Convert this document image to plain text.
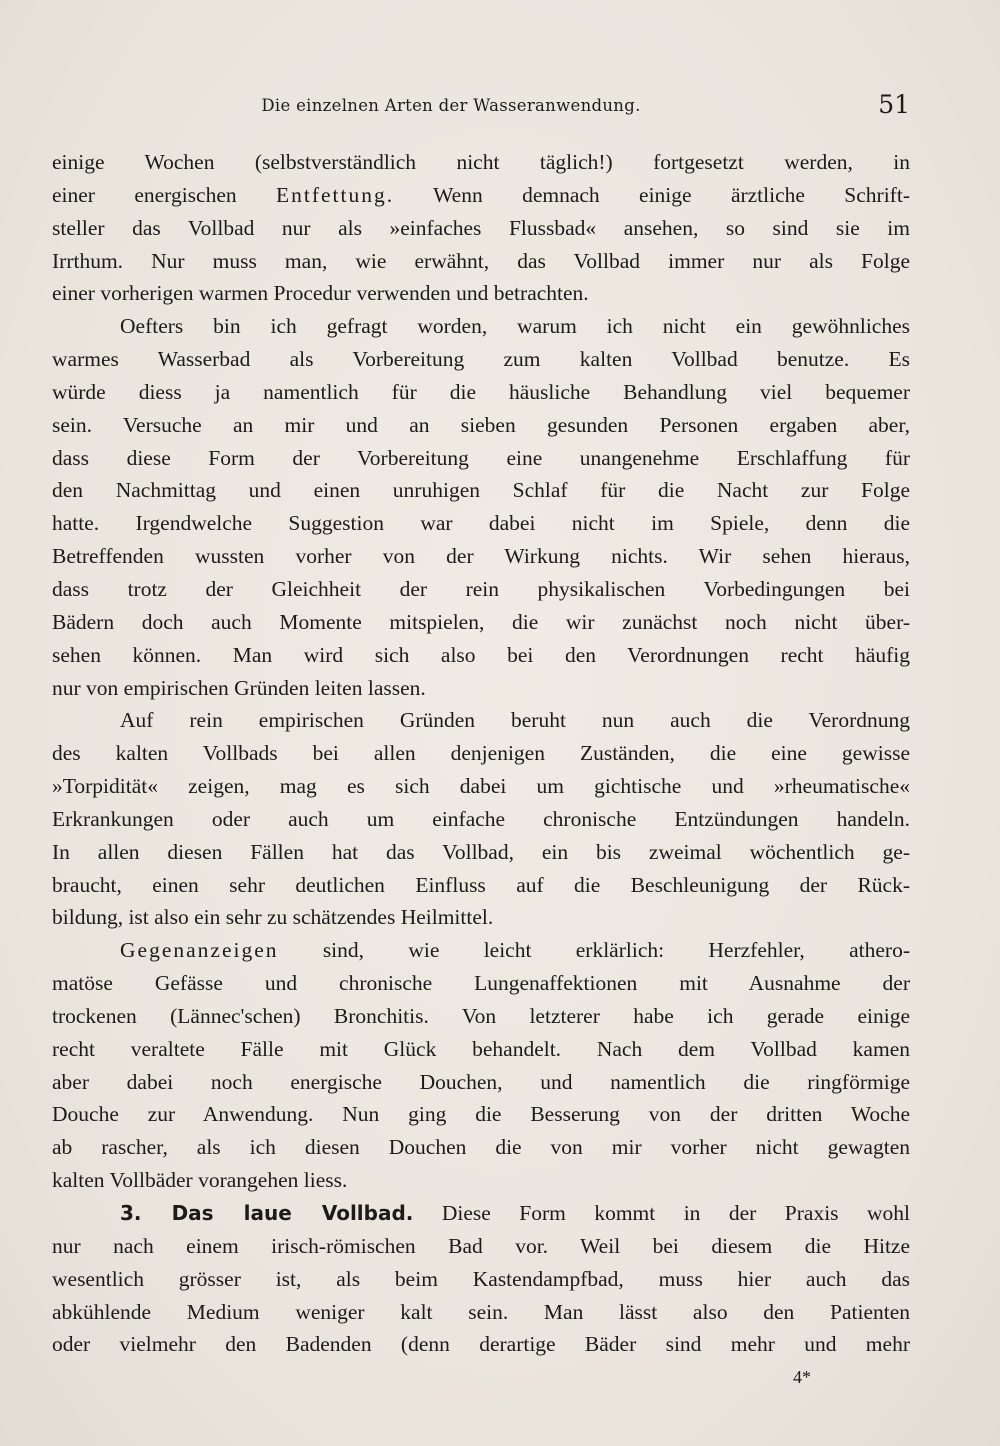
Die einzelnen Arten der Wasseranwendung.	51
einige Wochen (selbstverständlich nicht täglich!) fortgesetzt werden, in
einer energischen Entfettung. Wenn demnach einige ärztliche Schrift-
steller das Vollbad nur als »einfaches Flussbad« ansehen, so sind sie im
Irrthum. Nur muss man, wie erwähnt, das Vollbad immer nur als Folge
einer vorherigen warmen Procedur verwenden und betrachten.
Oefters bin ich gefragt worden, warum ich nicht ein gewöhnliches
warmes Wasserbad als Vorbereitung zum kalten Vollbad benutze. Es
würde diess ja namentlich für die häusliche Behandlung viel bequemer
sein. Versuche an mir und an sieben gesunden Personen ergaben aber,
dass diese Form der Vorbereitung eine unangenehme Erschlaffung für
den Nachmittag und einen unruhigen Schlaf für die Nacht zur Folge
hatte. Irgendwelche Suggestion war dabei nicht im Spiele, denn die
Betreffenden wussten vorher von der Wirkung nichts. Wir sehen hieraus,
dass trotz der Gleichheit der rein physikalischen Vorbedingungen bei
Bädern doch auch Momente mitspielen, die wir zunächst noch nicht über-
sehen können. Man wird sich also bei den Verordnungen recht häufig
nur von empirischen Gründen leiten lassen.
Auf rein empirischen Gründen beruht nun auch die Verordnung
des kalten Vollbads bei allen denjenigen Zuständen, die eine gewisse
»Torpidität« zeigen, mag es sich dabei um gichtische und »rheumatische«
Erkrankungen oder auch um einfache chronische Entzündungen handeln.
In allen diesen Fällen hat das Vollbad, ein bis zweimal wöchentlich ge-
braucht, einen sehr deutlichen Einfluss auf die Beschleunigung der Rück-
bildung, ist also ein sehr zu schätzendes Heilmittel.
Gegenanzeigen sind, wie leicht erklärlich: Herzfehler, athero-
matöse Gefässe und chronische Lungenaffektionen mit Ausnahme der
trockenen (Lännec'schen) Bronchitis. Von letzterer habe ich gerade einige
recht veraltete Fälle mit Glück behandelt. Nach dem Vollbad kamen
aber dabei noch energische Douchen, und namentlich die ringförmige
Douche zur Anwendung. Nun ging die Besserung von der dritten Woche
ab rascher, als ich diesen Douchen die von mir vorher nicht gewagten
kalten Vollbäder vorangehen liess.
3. Das laue Vollbad. Diese Form kommt in der Praxis wohl
nur nach einem irisch-römischen Bad vor. Weil bei diesem die Hitze
wesentlich grösser ist, als beim Kastendampfbad, muss hier auch das
abkühlende Medium weniger kalt sein. Man lässt also den Patienten
oder vielmehr den Badenden (denn derartige Bäder sind mehr und mehr
4*
